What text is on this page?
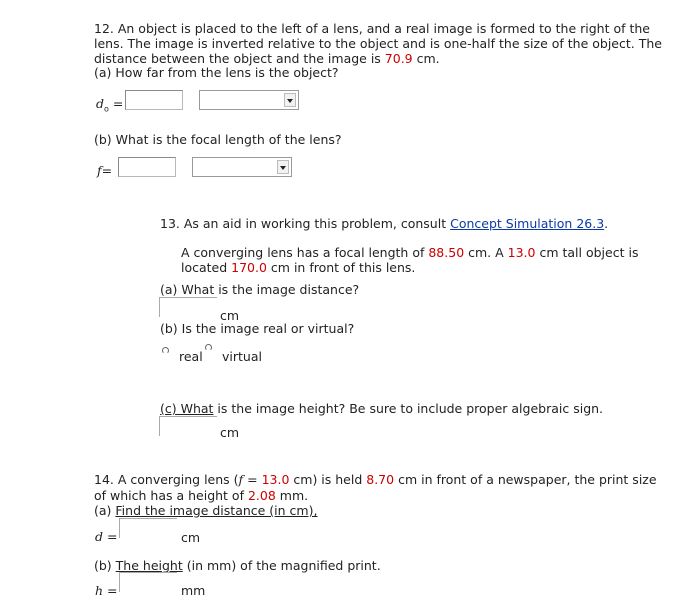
12. An object is placed to the left of a lens, and a real image is formed to the right of the
lens. The image is inverted relative to the object and is one-half the size of the object. The
distance between the object and the image is 70.9 cm.
(a) How far from the lens is the object?
$d_o$ =
(b) What is the focal length of the lens?
f=
13. As an aid in working this problem, consult Concept Simulation 26.3.
A converging lens has a focal length of 88.50 cm. A 13.0 cm tall object is
located 170.0 cm in front of this lens.
(a) What is the image distance?
cm
(b) Is the image real or virtual?
real virtual
(c) What is the image height? Be sure to include proper algebraic sign.
cm
14. A converging lens (f = 13.0 cm) is held 8.70 cm in front of a newspaper, the print size
of which has a height of 2.08 mm.
(a) Find the image distance (in cm),
d =	cm
(b) The height (in mm) of the magnified print.
h =	mm
